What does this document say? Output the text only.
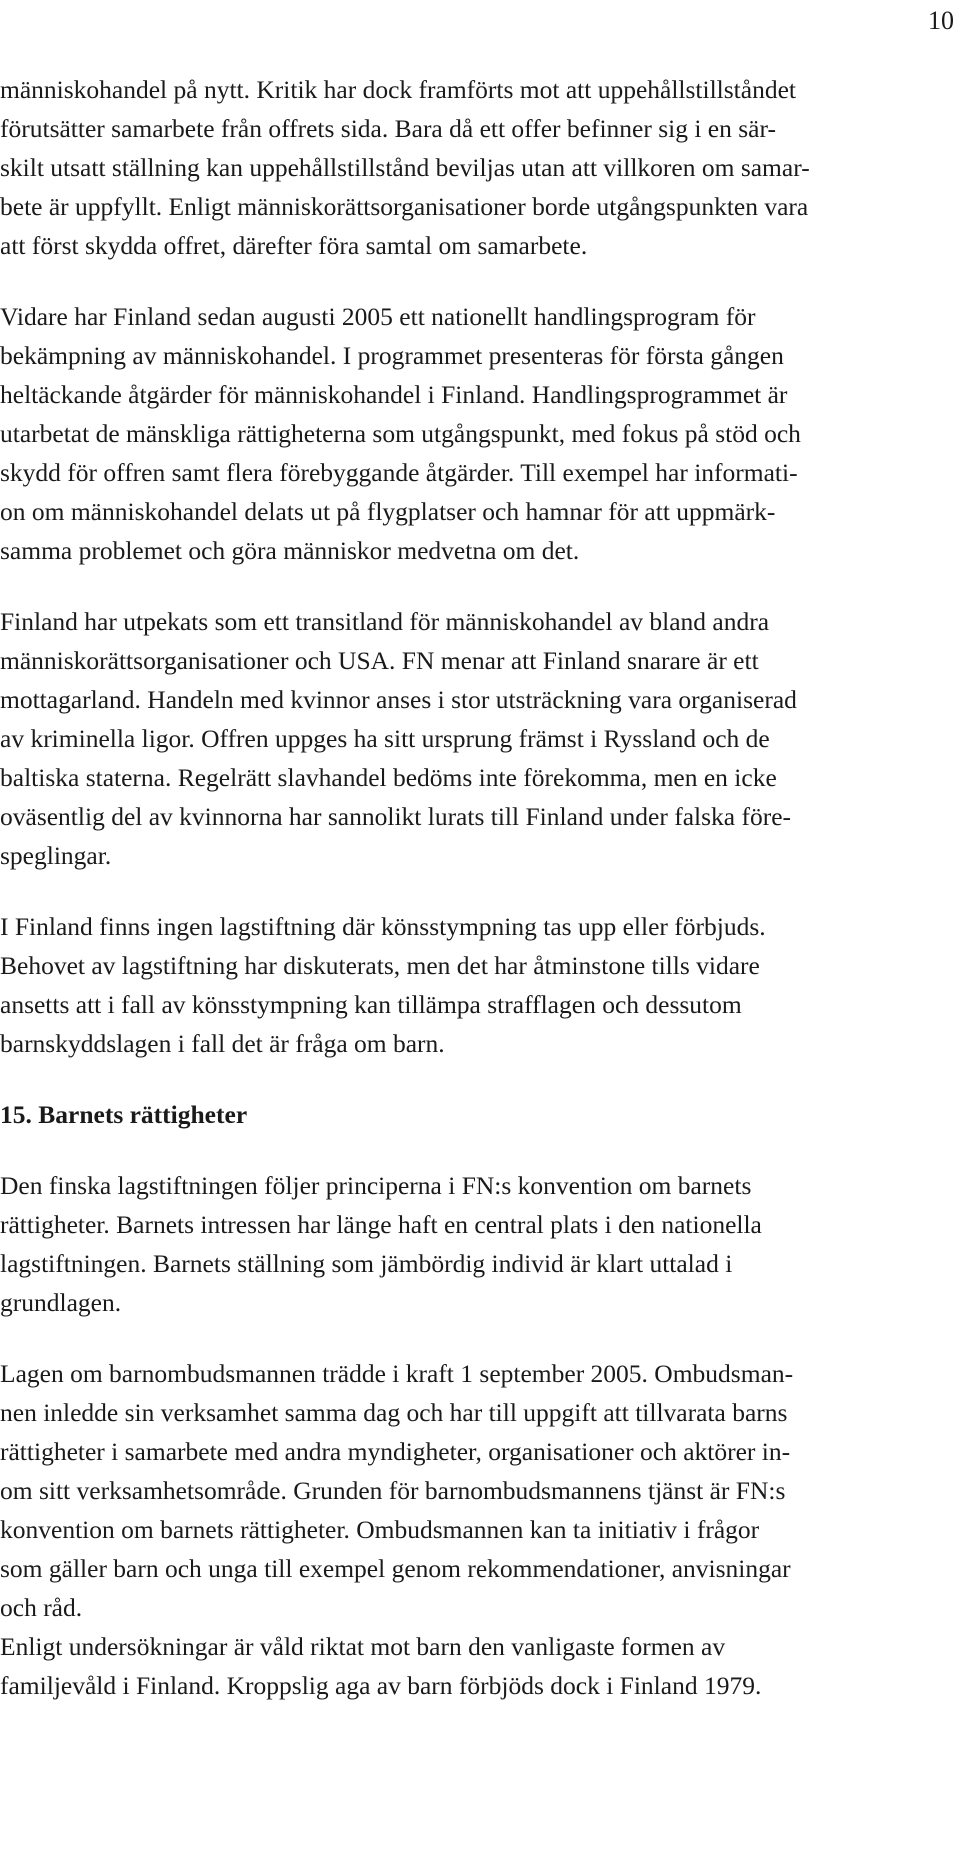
10

människohandel på nytt. Kritik har dock framförts mot att uppehållstillståndet
förutsätter samarbete från offrets sida. Bara då ett offer befinner sig i en sär-
skilt utsatt ställning kan uppehållstillstånd beviljas utan att villkoren om samar-
bete är uppfyllt. Enligt människorättsorganisationer borde utgångspunkten vara
att först skydda offret, därefter föra samtal om samarbete.

Vidare har Finland sedan augusti 2005 ett nationellt handlingsprogram för
bekämpning av människohandel. I programmet presenteras för första gången
heltäckande åtgärder för människohandel i Finland. Handlingsprogrammet är
utarbetat de mänskliga rättigheterna som utgångspunkt, med fokus på stöd och
skydd för offren samt flera förebyggande åtgärder. Till exempel har informati-
on om människohandel delats ut på flygplatser och hamnar för att uppmärk-
samma problemet och göra människor medvetna om det.

Finland har utpekats som ett transitland för människohandel av bland andra
människorättsorganisationer och USA. FN menar att Finland snarare är ett
mottagarland. Handeln med kvinnor anses i stor utsträckning vara organiserad
av kriminella ligor. Offren uppges ha sitt ursprung främst i Ryssland och de
baltiska staterna. Regelrätt slavhandel bedöms inte förekomma, men en icke
oväsentlig del av kvinnorna har sannolikt lurats till Finland under falska före-
speglingar.

I Finland finns ingen lagstiftning där könsstympning tas upp eller förbjuds.
Behovet av lagstiftning har diskuterats, men det har åtminstone tills vidare
ansetts att i fall av könsstympning kan tillämpa strafflagen och dessutom
barnskyddslagen i fall det är fråga om barn.

15. Barnets rättigheter

Den finska lagstiftningen följer principerna i FN:s konvention om barnets
rättigheter. Barnets intressen har länge haft en central plats i den nationella
lagstiftningen. Barnets ställning som jämbördig individ är klart uttalad i
grundlagen.

Lagen om barnombudsmannen trädde i kraft 1 september 2005. Ombudsman-
nen inledde sin verksamhet samma dag och har till uppgift att tillvarata barns
rättigheter i samarbete med andra myndigheter, organisationer och aktörer in-
om sitt verksamhetsområde. Grunden för barnombudsmannens tjänst är FN:s
konvention om barnets rättigheter. Ombudsmannen kan ta initiativ i frågor
som gäller barn och unga till exempel genom rekommendationer, anvisningar
och råd.

Enligt undersökningar är våld riktat mot barn den vanligaste formen av
familjevåld i Finland. Kroppslig aga av barn förbjöds dock i Finland 1979.
